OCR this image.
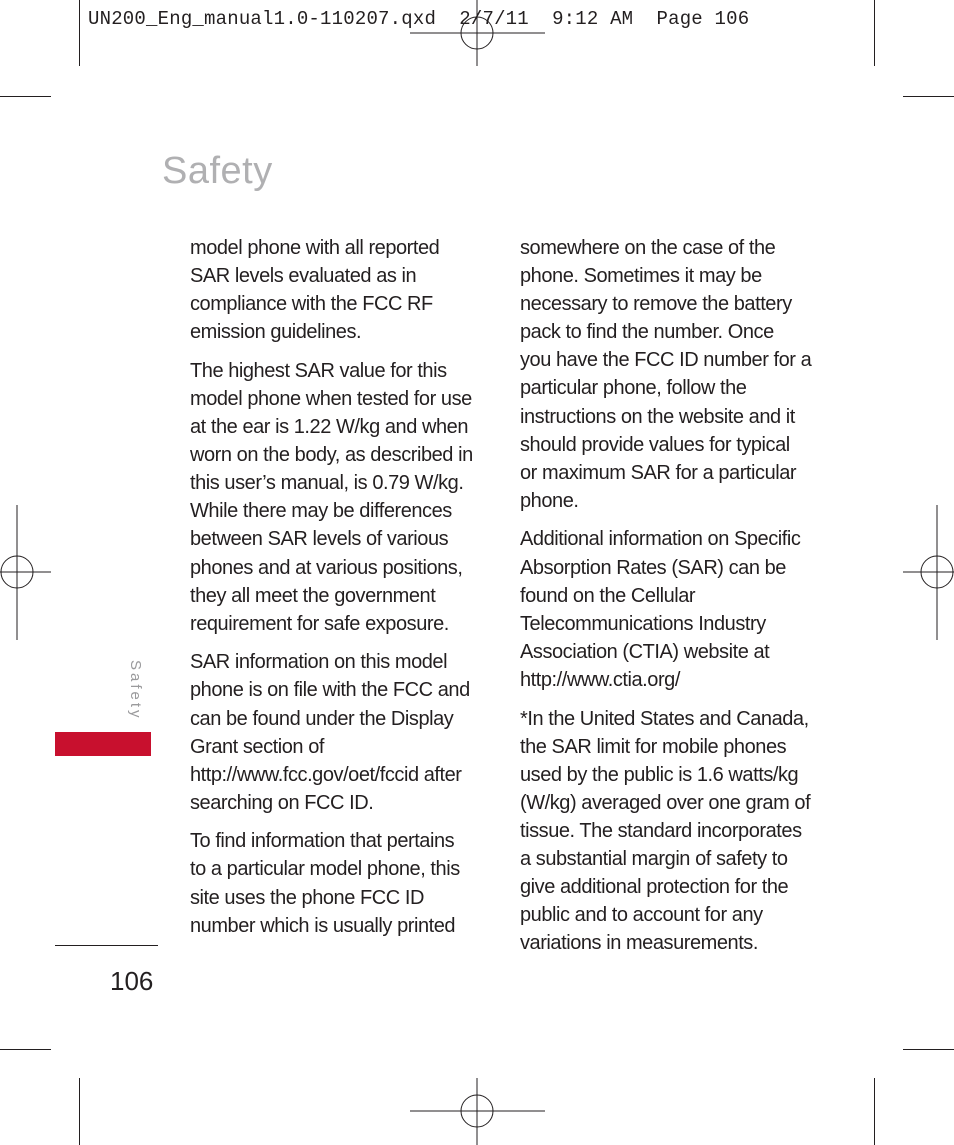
UN200_Eng_manual1.0-110207.qxd  2/7/11  9:12 AM  Page 106
Safety

model phone with all reported
SAR levels evaluated as in
compliance with the FCC RF
emission guidelines.

The highest SAR value for this
model phone when tested for use
at the ear is 1.22 W/kg and when
worn on the body, as described in
this user’s manual, is 0.79 W/kg.
While there may be differences
between SAR levels of various
phones and at various positions,
they all meet the government
requirement for safe exposure.

SAR information on this model
phone is on file with the FCC and
can be found under the Display
Grant section of
http://www.fcc.gov/oet/fccid after
searching on FCC ID.

To find information that pertains
to a particular model phone, this
site uses the phone FCC ID
number which is usually printed

somewhere on the case of the
phone. Sometimes it may be
necessary to remove the battery
pack to find the number. Once
you have the FCC ID number for a
particular phone, follow the
instructions on the website and it
should provide values for typical
or maximum SAR for a particular
phone.

Additional information on Specific
Absorption Rates (SAR) can be
found on the Cellular
Telecommunications Industry
Association (CTIA) website at
http://www.ctia.org/

*In the United States and Canada,
the SAR limit for mobile phones
used by the public is 1.6 watts/kg
(W/kg) averaged over one gram of
tissue. The standard incorporates
a substantial margin of safety to
give additional protection for the
public and to account for any
variations in measurements.

Safety
106
